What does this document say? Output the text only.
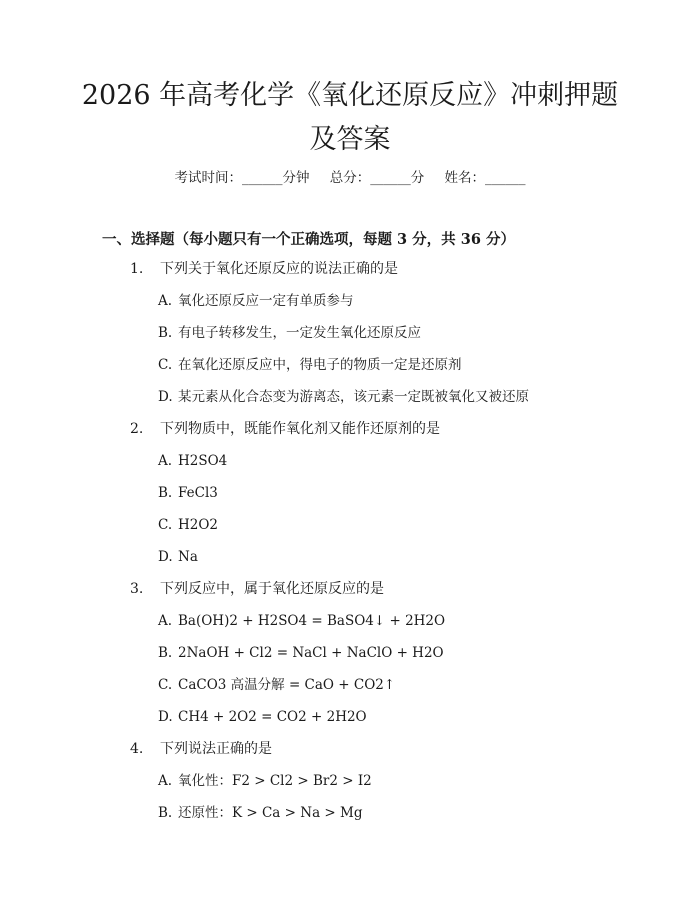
2026 年高考化学《氧化还原反应》冲刺押题
及答案
考试时间：______分钟 总分：______分 姓名：______
一、选择题（每小题只有一个正确选项，每题 3 分，共 36 分）
1. 下列关于氧化还原反应的说法正确的是
A. 氧化还原反应一定有单质参与
B. 有电子转移发生，一定发生氧化还原反应
C. 在氧化还原反应中，得电子的物质一定是还原剂
D. 某元素从化合态变为游离态，该元素一定既被氧化又被还原
2. 下列物质中，既能作氧化剂又能作还原剂的是
A. H2SO4
B. FeCl3
C. H2O2
D. Na
3. 下列反应中，属于氧化还原反应的是
A. Ba(OH)2 + H2SO4 = BaSO4↓ + 2H2O
B. 2NaOH + Cl2 = NaCl + NaClO + H2O
C. CaCO3 高温分解 = CaO + CO2↑
D. CH4 + 2O2 = CO2 + 2H2O
4. 下列说法正确的是
A. 氧化性：F2 > Cl2 > Br2 > I2
B. 还原性：K > Ca > Na > Mg
